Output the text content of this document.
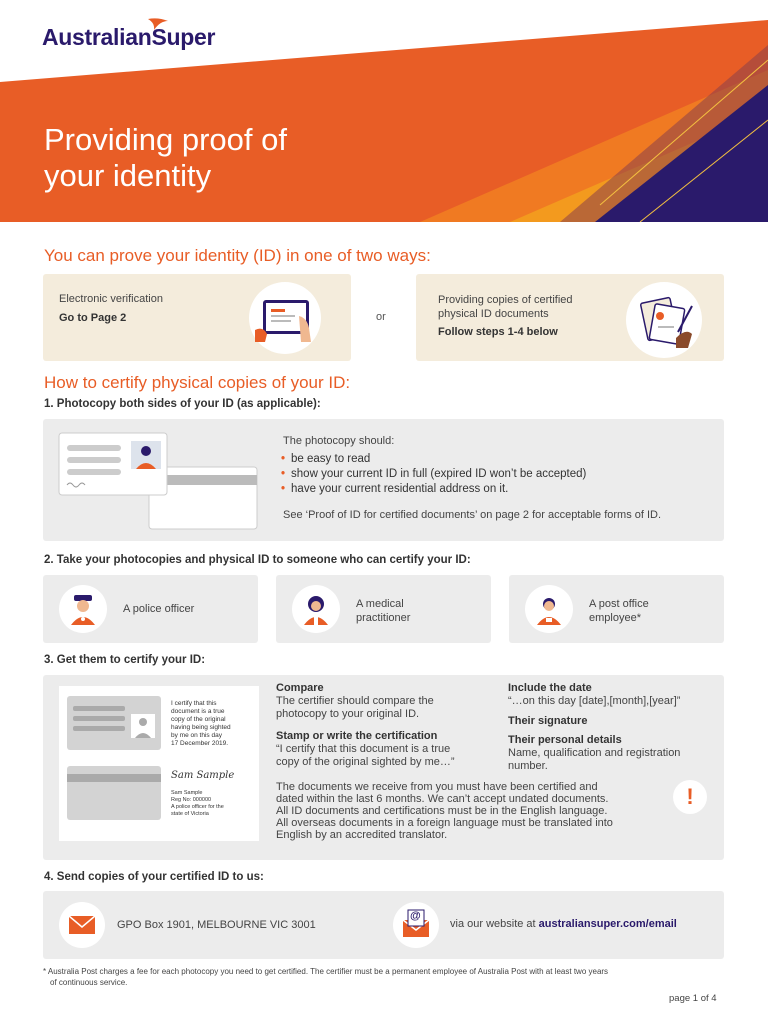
AustralianSuper
Providing proof of
your identity
You can prove your identity (ID) in one of two ways:
Electronic verification
Go to Page 2	or
Providing copies of certified
physical ID documents
Follow steps 1-4 below
How to certify physical copies of your ID:
1. Photocopy both sides of your ID (as applicable):
The photocopy should:
• be easy to read
• show your current ID in full (expired ID won’t be accepted)
• have your current residential address on it.
See ‘Proof of ID for certified documents’ on page 2 for acceptable forms of ID.
2. Take your photocopies and physical ID to someone who can certify your ID:
A police officer	A medical
practitioner
A post office
employee*
3. Get them to certify your ID:
I certify that this
document is a true
copy of the original
having being sighted
by me on this day
17 December 2019.
Sam Sample
Sam Sample
Reg No: 000000
A police officer for the
state of Victoria
Compare
The certifier should compare the
photocopy to your original ID.
Stamp or write the certification
“I certify that this document is a true
copy of the original sighted by me…”
Include the date
“…on this day [date],[month],[year]”
Their signature
Their personal details
Name, qualification and registration
number.
The documents we receive from you must have been certified and
dated within the last 6 months. We can’t accept undated documents.
All ID documents and certifications must be in the English language.
All overseas documents in a foreign language must be translated into
English by an accredited translator.
!
4. Send copies of your certified ID to us:
GPO Box 1901, MELBOURNE VIC 3001
@
via our website at australiansuper.com/email
* Australia Post charges a fee for each photocopy you need to get certified. The certifier must be a permanent employee of Australia Post with at least two years
of continuous service.
page 1 of 4
